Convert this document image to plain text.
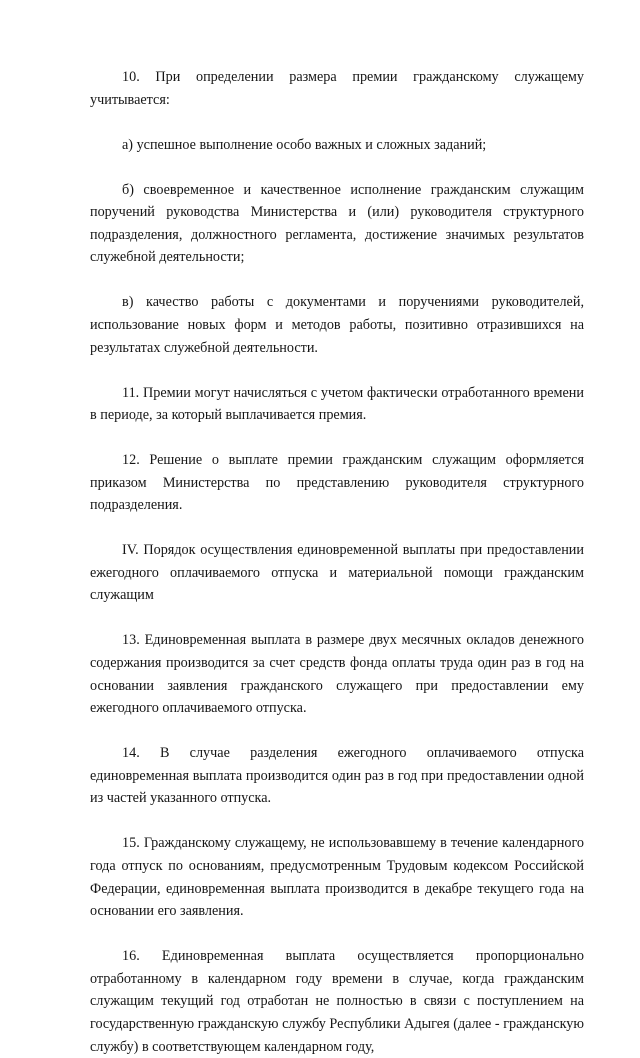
10. При определении размера премии гражданскому служащему учитывается:

а) успешное выполнение особо важных и сложных заданий;

б) своевременное и качественное исполнение гражданским служащим поручений руководства Министерства и (или) руководителя структурного подразделения, должностного регламента, достижение значимых результатов служебной деятельности;

в) качество работы с документами и поручениями руководителей, использование новых форм и методов работы, позитивно отразившихся на результатах служебной деятельности.

11. Премии могут начисляться с учетом фактически отработанного времени в периоде, за который выплачивается премия.

12. Решение о выплате премии гражданским служащим оформляется приказом Министерства по представлению руководителя структурного подразделения.

IV. Порядок осуществления единовременной выплаты при предоставлении ежегодного оплачиваемого отпуска и материальной помощи гражданским служащим

13. Единовременная выплата в размере двух месячных окладов денежного содержания производится за счет средств фонда оплаты труда один раз в год на основании заявления гражданского служащего при предоставлении ему ежегодного оплачиваемого отпуска.

14. В случае разделения ежегодного оплачиваемого отпуска единовременная выплата производится один раз в год при предоставлении одной из частей указанного отпуска.

15. Гражданскому служащему, не использовавшему в течение календарного года отпуск по основаниям, предусмотренным Трудовым кодексом Российской Федерации, единовременная выплата производится в декабре текущего года на основании его заявления.

16. Единовременная выплата осуществляется пропорционально отработанному в календарном году времени в случае, когда гражданским служащим текущий год отработан не полностью в связи с поступлением на государственную гражданскую службу Республики Адыгея (далее - гражданскую службу) в соответствующем календарном году,
